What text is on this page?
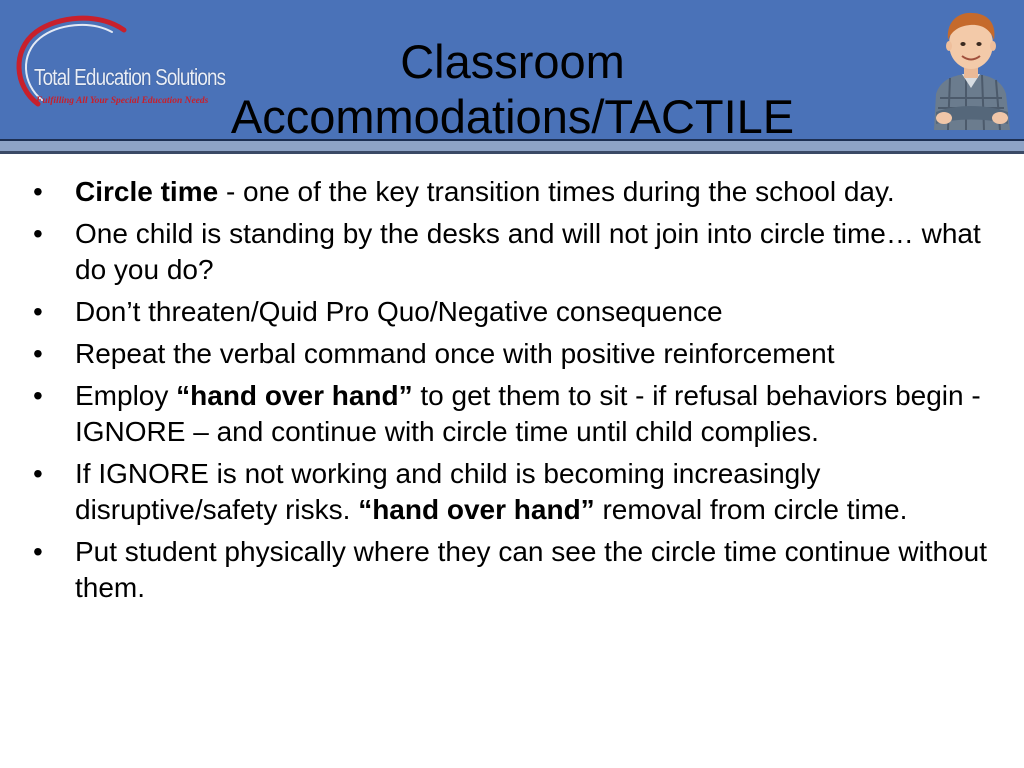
Total Education Solutions
Fulfilling All Your Special Education Needs
Classroom
Accommodations/TACTILE
•	Circle time - one of the key transition times during the school day.
•	One child is standing by the desks and will not join into circle time… what do you do?
•	Don’t threaten/Quid Pro Quo/Negative consequence
•	Repeat the verbal command once with positive reinforcement
•	Employ “hand over hand” to get them to sit - if refusal behaviors begin - IGNORE – and continue with circle time until child complies.
•	If IGNORE is not working and child is becoming increasingly disruptive/safety risks. “hand over hand” removal from circle time.
•	Put student physically where they can see the circle time continue without them.
